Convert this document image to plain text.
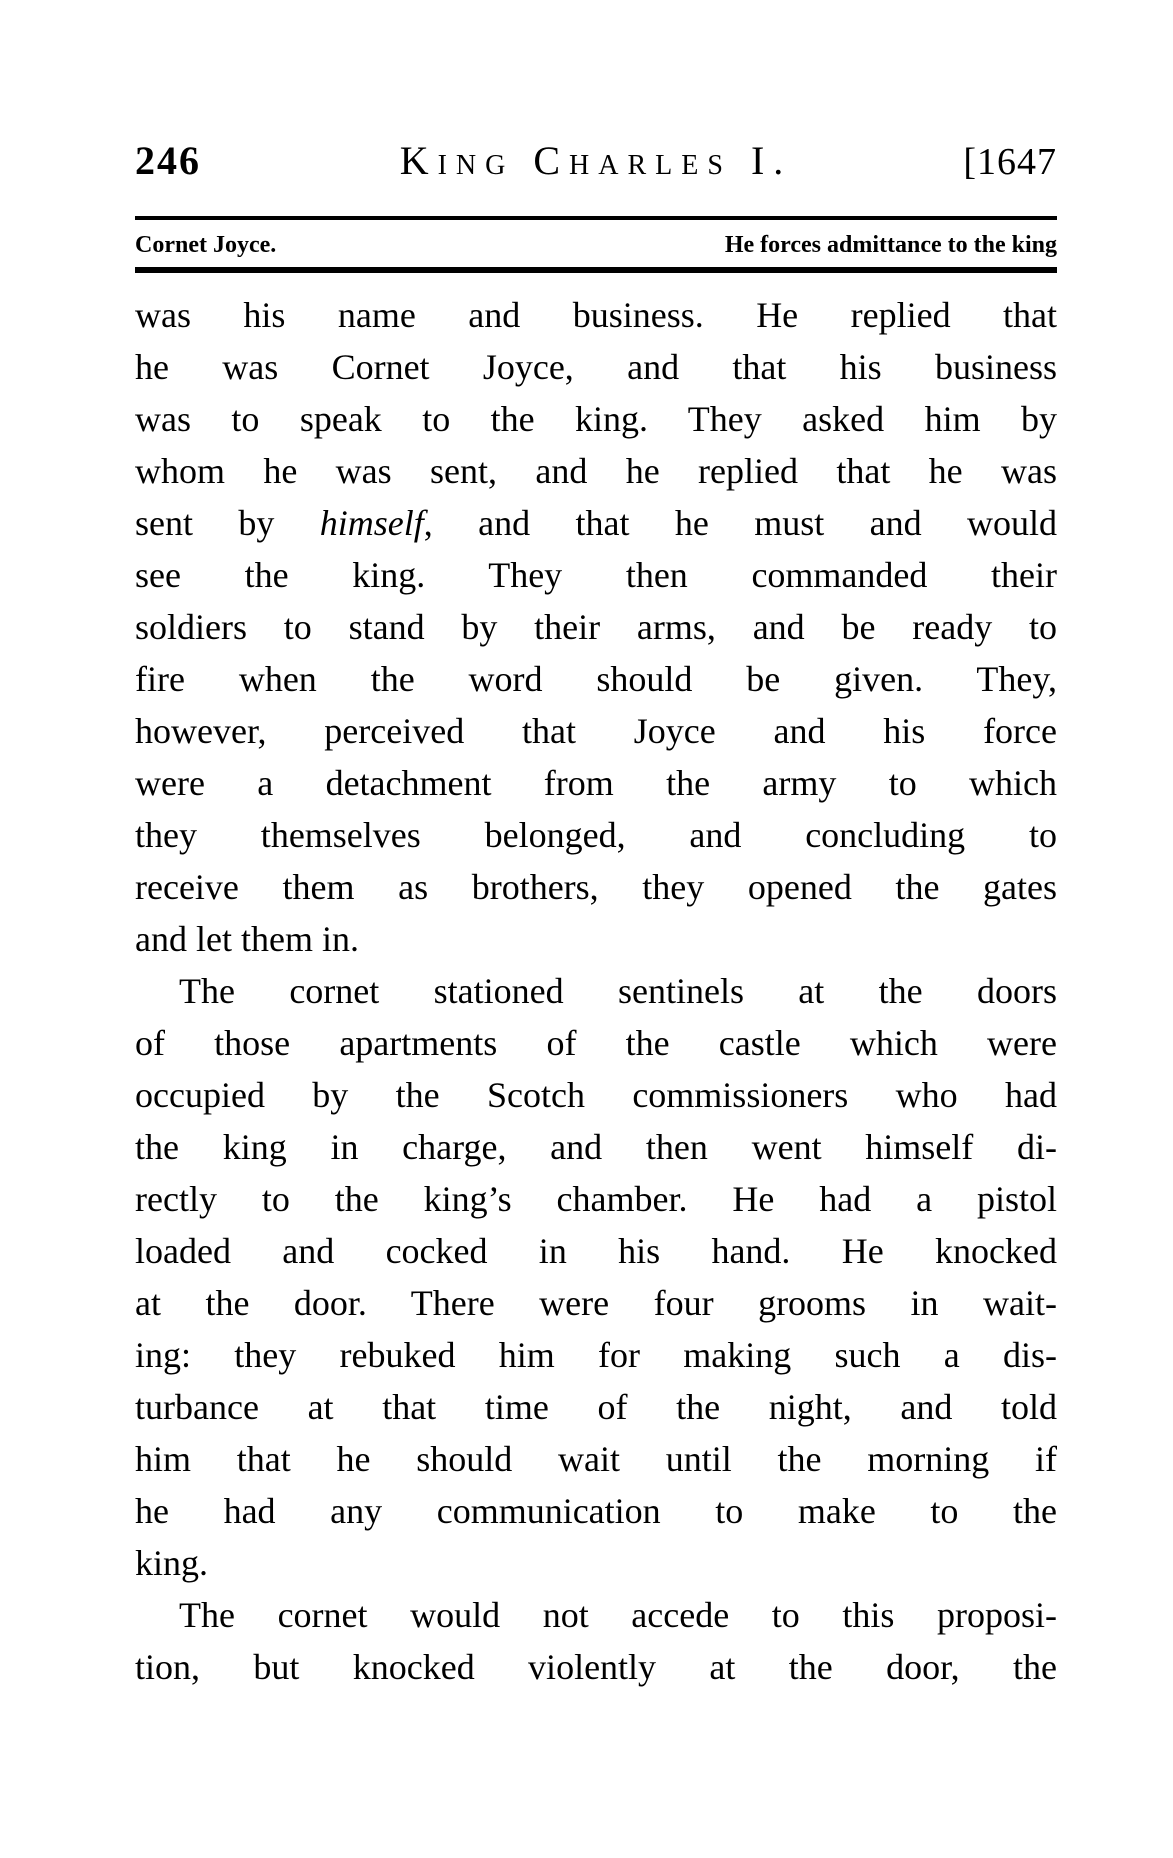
246	King Charles I.	[1647
Cornet Joyce.	He forces admittance to the king
was his name and business. He replied that
he was Cornet Joyce, and that his business
was to speak to the king. They asked him by
whom he was sent, and he replied that he was
sent by himself, and that he must and would
see the king. They then commanded their
soldiers to stand by their arms, and be ready to
fire when the word should be given. They,
however, perceived that Joyce and his force
were a detachment from the army to which
they themselves belonged, and concluding to
receive them as brothers, they opened the gates
and let them in.
The cornet stationed sentinels at the doors
of those apartments of the castle which were
occupied by the Scotch commissioners who had
the king in charge, and then went himself di-
rectly to the king’s chamber. He had a pistol
loaded and cocked in his hand. He knocked
at the door. There were four grooms in wait-
ing: they rebuked him for making such a dis-
turbance at that time of the night, and told
him that he should wait until the morning if
he had any communication to make to the
king.
The cornet would not accede to this proposi-
tion, but knocked violently at the door, the
